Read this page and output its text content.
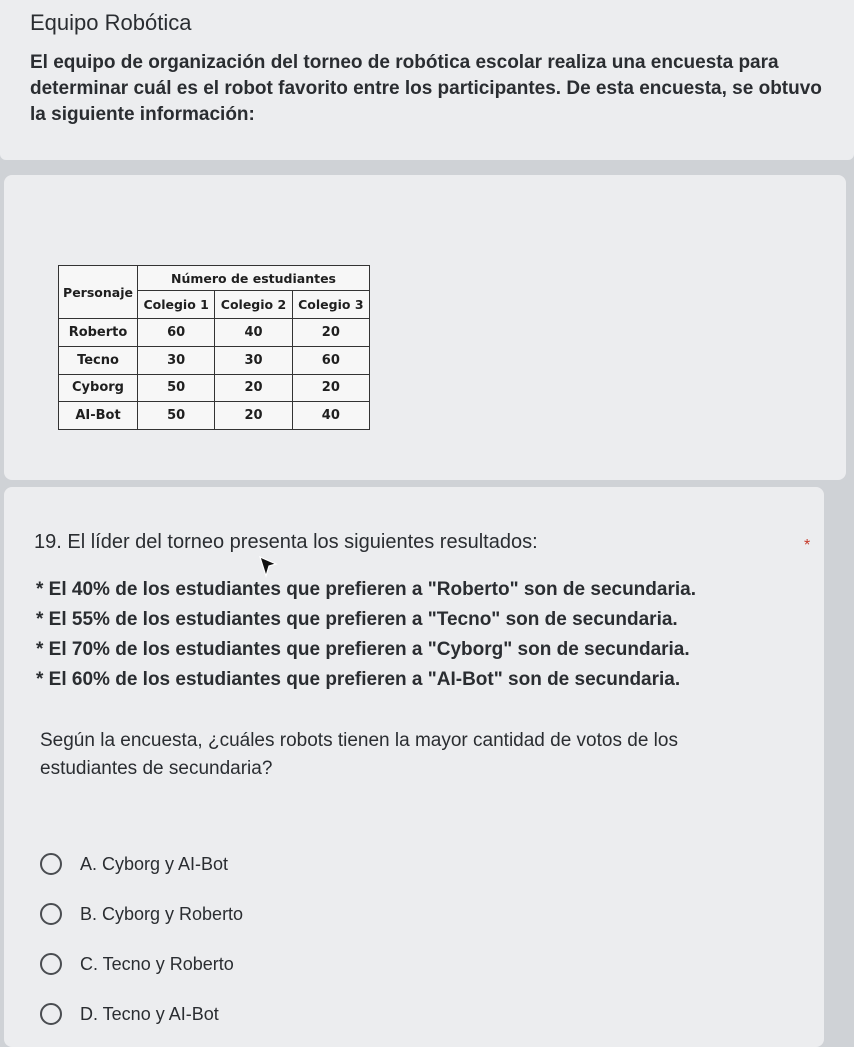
Equipo Robótica
El equipo de organización del torneo de robótica escolar realiza una encuesta para determinar cuál es el robot favorito entre los participantes. De esta encuesta, se obtuvo la siguiente información:
Personaje	Número de estudiantes		
	Colegio 1	Colegio 2	Colegio 3
Roberto	60	40	20
Tecno	30	30	60
Cyborg	50	20	20
AI-Bot	50	20	40
19. El líder del torneo presenta los siguientes resultados:	*
* El 40% de los estudiantes que prefieren a "Roberto" son de secundaria.
* El 55% de los estudiantes que prefieren a "Tecno" son de secundaria.
* El 70% de los estudiantes que prefieren a "Cyborg" son de secundaria.
* El 60% de los estudiantes que prefieren a "AI-Bot" son de secundaria.
Según la encuesta, ¿cuáles robots tienen la mayor cantidad de votos de los estudiantes de secundaria?
A. Cyborg y AI-Bot
B. Cyborg y Roberto
C. Tecno y Roberto
D. Tecno y AI-Bot
